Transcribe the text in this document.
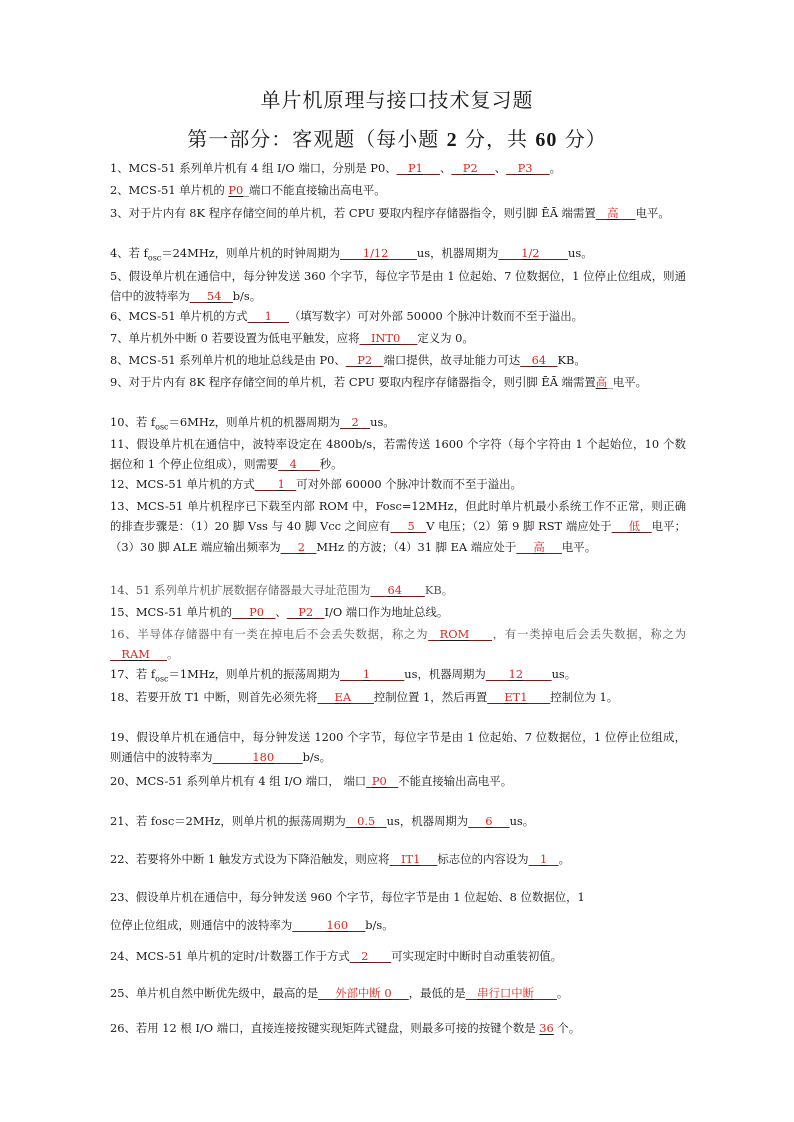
单片机原理与接口技术复习题
第一部分：客观题（每小题 2 分，共 60 分）
1、MCS-51 系列单片机有 4 组 I/O 端口，分别是 P0、__P1___、__P2___、__P3___。
2、MCS-51 单片机的 P0_端口不能直接输出高电平。
3、对于片内有 8K 程序存储空间的单片机，若 CPU 要取内程序存储器指令，则引脚 ĒĀ 端需置__高___电平。
4、若 $f_{osc}=24MHz$，则单片机的时钟周期为____1/12_____us，机器周期为____1/2_____us。
5、假设单片机在通信中，每分钟发送 360 个字节，每位字节是由 1 位起始、7 位数据位，1 位停止位组成，则通信中的波特率为___54__b/s。
6、MCS-51 单片机的方式___1___（填写数字）可对外部 50000 个脉冲计数而不至于溢出。
7、单片机外中断 0 若要设置为低电平触发，应将__INT0___定义为 0。
8、MCS-51 系列单片机的地址总线是由 P0、__P2__端口提供，故寻址能力可达__64__KB。
9、对于片内有 8K 程序存储空间的单片机，若 CPU 要取内程序存储器指令，则引脚 ĒĀ 端需置高_电平。
10、若 $f_{osc}=6MHz$，则单片机的机器周期为__2__us。
11、假设单片机在通信中，波特率设定在 4800b/s，若需传送 1600 个字符（每个字符由 1 个起始位，10 个数据位和 1 个停止位组成），则需要__4____秒。
12、MCS-51 单片机的方式____1__可对外部 60000 个脉冲计数而不至于溢出。
13、MCS-51 单片机程序已下载至内部 ROM 中，Fosc=12MHz，但此时单片机最小系统工作不正常，则正确的排查步骤是：（1）20 脚 Vss 与 40 脚 Vcc 之间应有___5__V 电压；（2）第 9 脚 RST 端应处于___低__电平；（3）30 脚 ALE 端应输出频率为___2__MHz 的方波；（4）31 脚 EA 端应处于___高___电平。
14、51 系列单片机扩展数据存储器最大寻址范围为___64____KB。
15、MCS-51 单片机的___P0__、__P2__I/O 端口作为地址总线。
16、半导体存储器中有一类在掉电后不会丢失数据，称之为__ROM____，有一类掉电后会丢失数据，称之为__RAM___。
17、若 $f_{osc}=1MHz$，则单片机的振荡周期为____1______us，机器周期为____12_____us。
18、若要开放 T1 中断，则首先必须先将___EA____控制位置 1，然后再置___ET1____控制位为 1。
19、假设单片机在通信中，每分钟发送 1200 个字节，每位字节是由 1 位起始、7 位数据位，1 位停止位组成，则通信中的波特率为_______180_____b/s。
20、MCS-51 系列单片机有 4 组 I/O 端口， 端口_P0__不能直接输出高电平。
21、若 fosc＝2MHz，则单片机的振荡周期为__0.5__us，机器周期为___6___us。
22、若要将外中断 1 触发方式设为下降沿触发，则应将__IT1___标志位的内容设为__1__。
23、假设单片机在通信中，每分钟发送 960 个字节，每位字节是由 1 位起始、8 位数据位，1
位停止位组成，则通信中的波特率为______160___b/s。
24、MCS-51 单片机的定时/计数器工作于方式__2____可实现定时中断时自动重装初值。
25、单片机自然中断优先级中，最高的是___外部中断 0___，最低的是__串行口中断____。
26、若用 12 根 I/O 端口，直接连接按键实现矩阵式键盘，则最多可接的按键个数是 36 个。
